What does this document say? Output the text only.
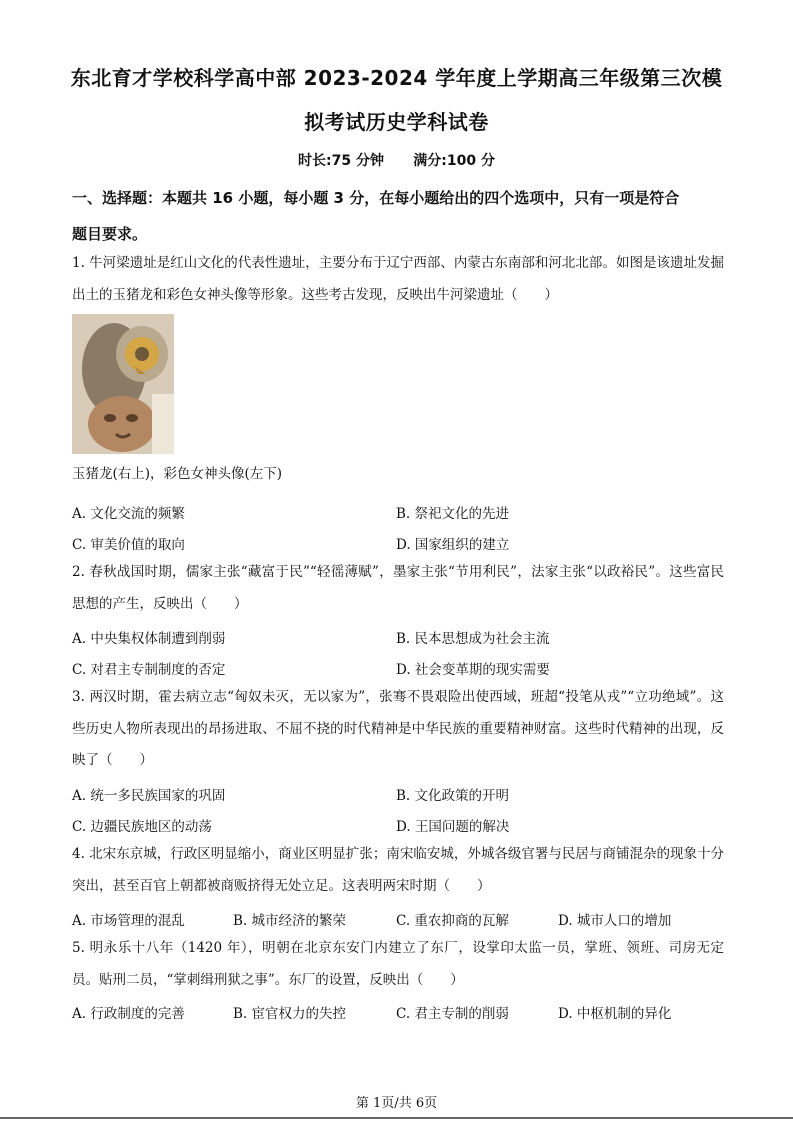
东北育才学校科学高中部 2023-2024 学年度上学期高三年级第三次模
拟考试历史学科试卷
时长:75 分钟      满分:100 分
一、选择题：本题共 16 小题，每小题 3 分，在每小题给出的四个选项中，只有一项是符合
题目要求。
1. 牛河梁遗址是红山文化的代表性遗址，主要分布于辽宁西部、内蒙古东南部和河北北部。如图是该遗址发掘出土的玉猪龙和彩色女神头像等形象。这些考古发现，反映出牛河梁遗址（　　）
玉猪龙(右上)，彩色女神头像(左下)
A. 文化交流的频繁	B. 祭祀文化的先进
C. 审美价值的取向	D. 国家组织的建立
2. 春秋战国时期，儒家主张“藏富于民”“轻徭薄赋”，墨家主张“节用利民”，法家主张“以政裕民”。这些富民思想的产生，反映出（　　）
A. 中央集权体制遭到削弱	B. 民本思想成为社会主流
C. 对君主专制制度的否定	D. 社会变革期的现实需要
3. 两汉时期，霍去病立志“匈奴未灭，无以家为”，张骞不畏艰险出使西域，班超“投笔从戎”“立功绝域”。这些历史人物所表现出的昂扬进取、不屈不挠的时代精神是中华民族的重要精神财富。这些时代精神的出现，反映了（　　）
A. 统一多民族国家的巩固	B. 文化政策的开明
C. 边疆民族地区的动荡	D. 王国问题的解决
4. 北宋东京城，行政区明显缩小，商业区明显扩张；南宋临安城，外城各级官署与民居与商铺混杂的现象十分突出，甚至百官上朝都被商贩挤得无处立足。这表明两宋时期（　　）
A. 市场管理的混乱	B. 城市经济的繁荣	C. 重农抑商的瓦解	D. 城市人口的增加
5. 明永乐十八年（1420 年），明朝在北京东安门内建立了东厂，设掌印太监一员，掌班、领班、司房无定员。贴刑二员，“掌刺缉刑狱之事”。东厂的设置，反映出（　　）
A. 行政制度的完善	B. 宦官权力的失控	C. 君主专制的削弱	D. 中枢机制的异化
第 1页/共 6页
